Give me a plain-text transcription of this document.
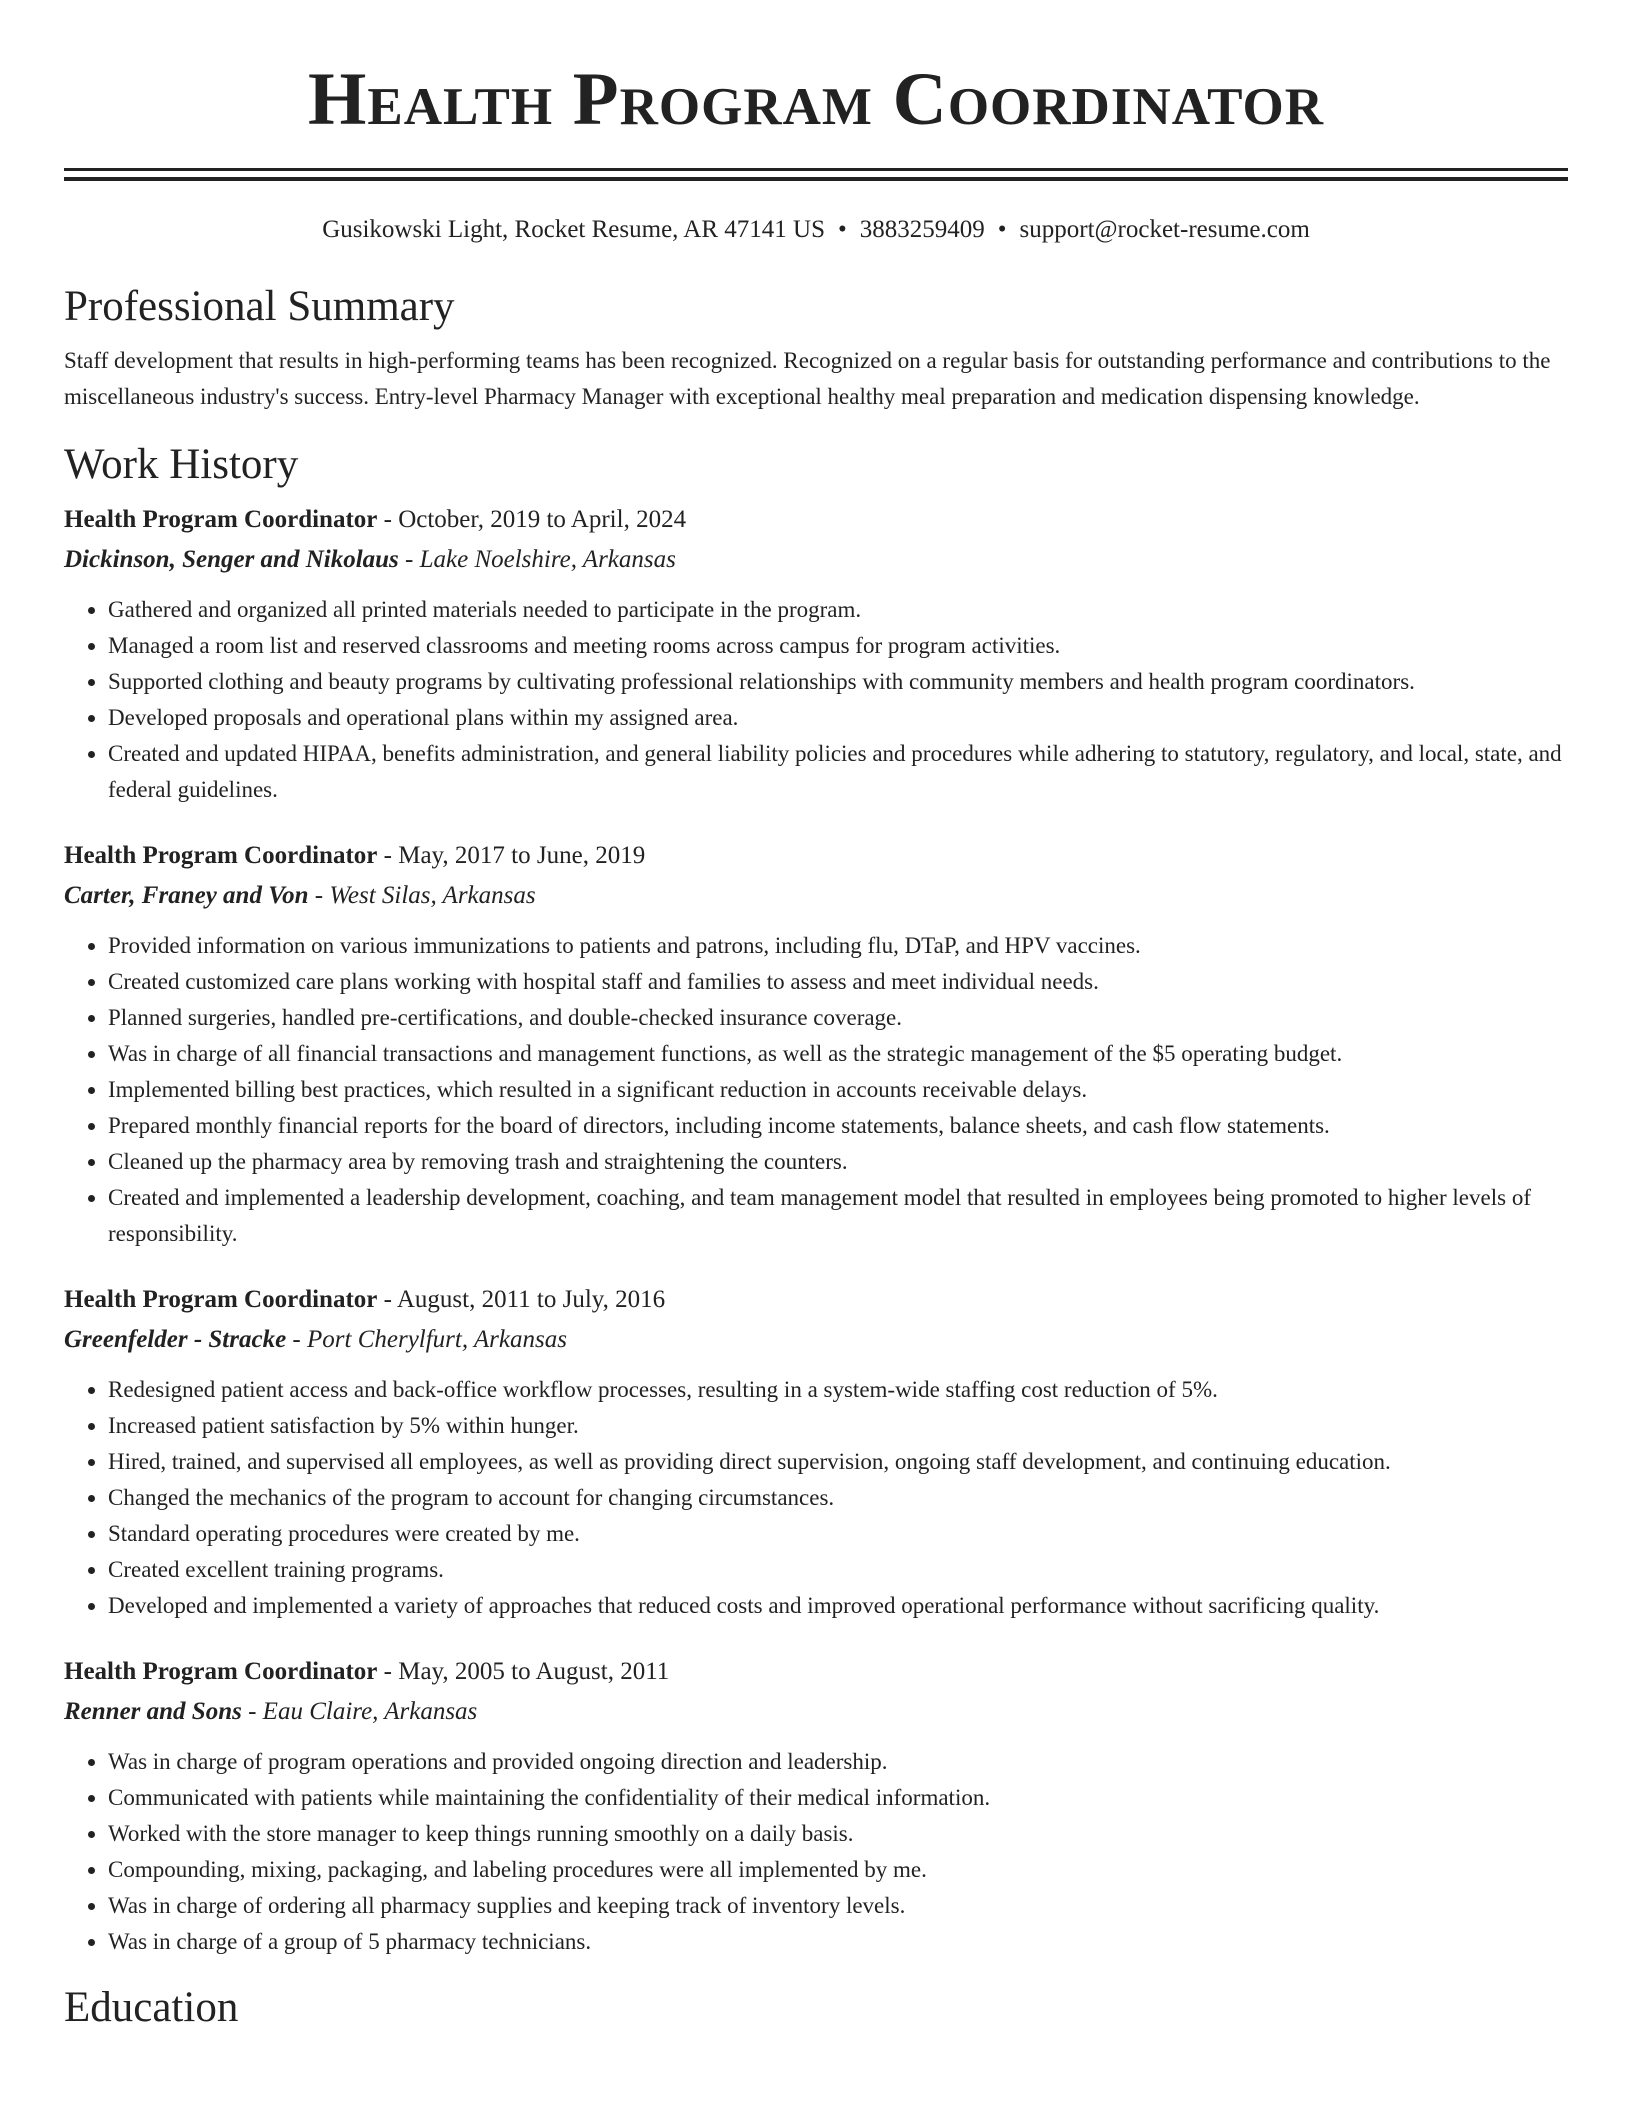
Health Program Coordinator
Gusikowski Light, Rocket Resume, AR 47141 US • 3883259409 • support@rocket-resume.com
Professional Summary

Staff development that results in high-performing teams has been recognized. Recognized on a regular basis for outstanding performance and contributions to the miscellaneous industry's success. Entry-level Pharmacy Manager with exceptional healthy meal preparation and medication dispensing knowledge.

Work History
Health Program Coordinator - October, 2019 to April, 2024
Dickinson, Senger and Nikolaus - Lake Noelshire, Arkansas
• Gathered and organized all printed materials needed to participate in the program.
• Managed a room list and reserved classrooms and meeting rooms across campus for program activities.
• Supported clothing and beauty programs by cultivating professional relationships with community members and health program coordinators.
• Developed proposals and operational plans within my assigned area.
• Created and updated HIPAA, benefits administration, and general liability policies and procedures while adhering to statutory, regulatory, and local, state, and federal guidelines.
Health Program Coordinator - May, 2017 to June, 2019
Carter, Franey and Von - West Silas, Arkansas
• Provided information on various immunizations to patients and patrons, including flu, DTaP, and HPV vaccines.
• Created customized care plans working with hospital staff and families to assess and meet individual needs.
• Planned surgeries, handled pre-certifications, and double-checked insurance coverage.
• Was in charge of all financial transactions and management functions, as well as the strategic management of the $5 operating budget.
• Implemented billing best practices, which resulted in a significant reduction in accounts receivable delays.
• Prepared monthly financial reports for the board of directors, including income statements, balance sheets, and cash flow statements.
• Cleaned up the pharmacy area by removing trash and straightening the counters.
• Created and implemented a leadership development, coaching, and team management model that resulted in employees being promoted to higher levels of responsibility.
Health Program Coordinator - August, 2011 to July, 2016
Greenfelder - Stracke - Port Cherylfurt, Arkansas
• Redesigned patient access and back-office workflow processes, resulting in a system-wide staffing cost reduction of 5%.
• Increased patient satisfaction by 5% within hunger.
• Hired, trained, and supervised all employees, as well as providing direct supervision, ongoing staff development, and continuing education.
• Changed the mechanics of the program to account for changing circumstances.
• Standard operating procedures were created by me.
• Created excellent training programs.
• Developed and implemented a variety of approaches that reduced costs and improved operational performance without sacrificing quality.
Health Program Coordinator - May, 2005 to August, 2011
Renner and Sons - Eau Claire, Arkansas
• Was in charge of program operations and provided ongoing direction and leadership.
• Communicated with patients while maintaining the confidentiality of their medical information.
• Worked with the store manager to keep things running smoothly on a daily basis.
• Compounding, mixing, packaging, and labeling procedures were all implemented by me.
• Was in charge of ordering all pharmacy supplies and keeping track of inventory levels.
• Was in charge of a group of 5 pharmacy technicians.
Education
